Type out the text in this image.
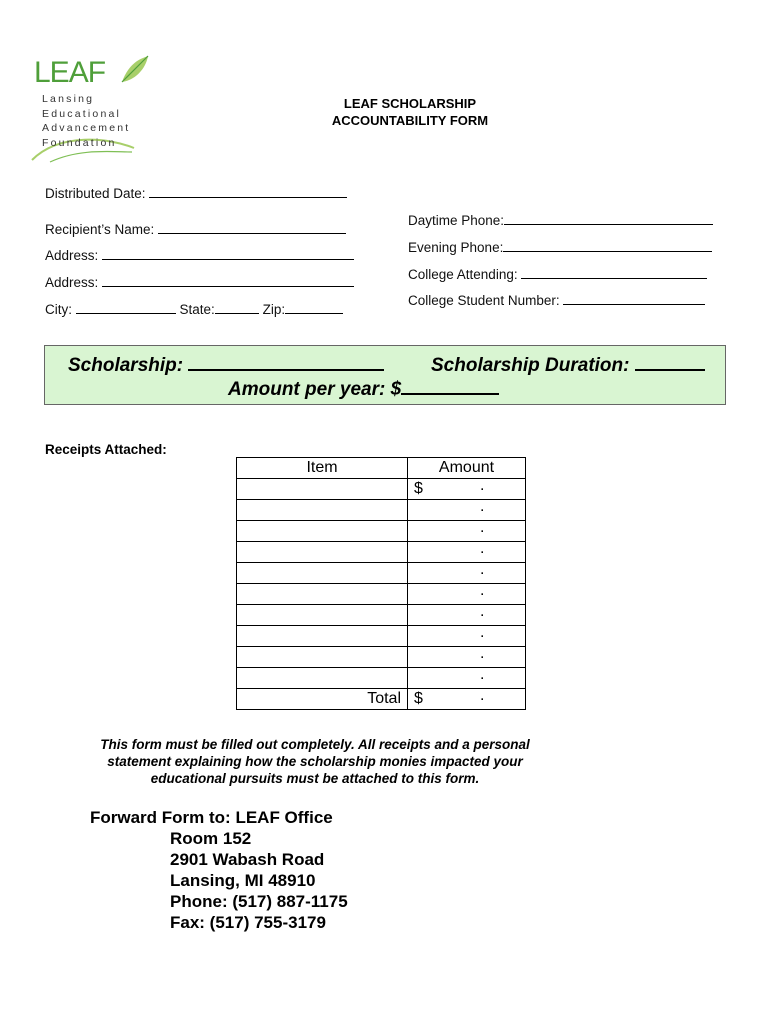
LEAF
Lansing
Educational
Advancement
Foundation
LEAF SCHOLARSHIP
ACCOUNTABILITY FORM
Distributed Date:
Recipient’s Name:
Address:
Address:
City:	State:	Zip:
Daytime Phone:
Evening Phone:
College Attending:
College Student Number:
Scholarship:	Scholarship Duration:
Amount per year: $
Receipts Attached:
Item	Amount

	$ .

	.

	.

	.

	.

	.

	.

	.

	.

	.

Total	$ .
This form must be filled out completely. All receipts and a personal
statement explaining how the scholarship monies impacted your
educational pursuits must be attached to this form.
Forward Form to: LEAF Office
Room 152
2901 Wabash Road
Lansing, MI 48910
Phone: (517) 887-1175
Fax: (517) 755-3179
